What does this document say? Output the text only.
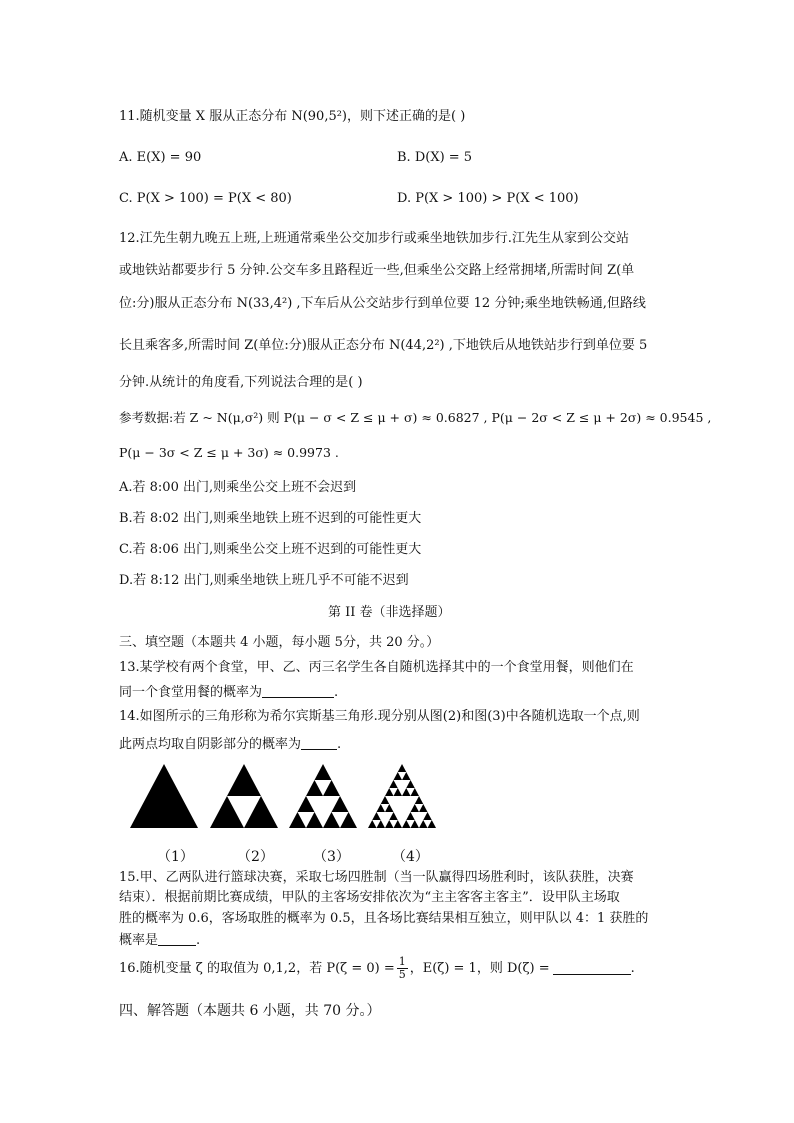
11.随机变量 X 服从正态分布 N(90,5²)，则下述正确的是( )
A. E(X) = 90	B. D(X) = 5
C. P(X > 100) = P(X < 80)	D. P(X > 100) > P(X < 100)
12.江先生朝九晚五上班,上班通常乘坐公交加步行或乘坐地铁加步行.江先生从家到公交站
或地铁站都要步行 5 分钟.公交车多且路程近一些,但乘坐公交路上经常拥堵,所需时间 Z(单
位:分)服从正态分布 N(33,4²) ,下车后从公交站步行到单位要 12 分钟;乘坐地铁畅通,但路线
长且乘客多,所需时间 Z(单位:分)服从正态分布 N(44,2²) ,下地铁后从地铁站步行到单位要 5
分钟.从统计的角度看,下列说法合理的是( )
参考数据:若 Z ~ N(μ,σ²) 则 P(μ − σ < Z ≤ μ + σ) ≈ 0.6827 , P(μ − 2σ < Z ≤ μ + 2σ) ≈ 0.9545 ,
P(μ − 3σ < Z ≤ μ + 3σ) ≈ 0.9973 .
A.若 8:00 出门,则乘坐公交上班不会迟到
B.若 8:02 出门,则乘坐地铁上班不迟到的可能性更大
C.若 8:06 出门,则乘坐公交上班不迟到的可能性更大
D.若 8:12 出门,则乘坐地铁上班几乎不可能不迟到
第 II 卷（非选择题）
三、填空题（本题共 4 小题，每小题 5分，共 20 分。）
13.某学校有两个食堂，甲、乙、丙三名学生各自随机选择其中的一个食堂用餐，则他们在
同一个食堂用餐的概率为	.
14.如图所示的三角形称为希尔宾斯基三角形.现分别从图(2)和图(3)中各随机选取一个点,则
此两点均取自阴影部分的概率为	.
（1）	（2）	（3）	（4）
15.甲、乙两队进行篮球决赛，采取七场四胜制（当一队赢得四场胜利时，该队获胜，决赛
结束）．根据前期比赛成绩，甲队的主客场安排依次为“主主客客主客主”．设甲队主场取
胜的概率为 0.6，客场取胜的概率为 0.5，且各场比赛结果相互独立，则甲队以 4：1 获胜的
概率是	.
16.随机变量 ζ 的取值为 0,1,2，若 $P(\zeta = 0) = \frac{1}{5}$ ，E(ζ) = 1，则 D(ζ) =	.
四、解答题（本题共 6 小题，共 70 分。）
